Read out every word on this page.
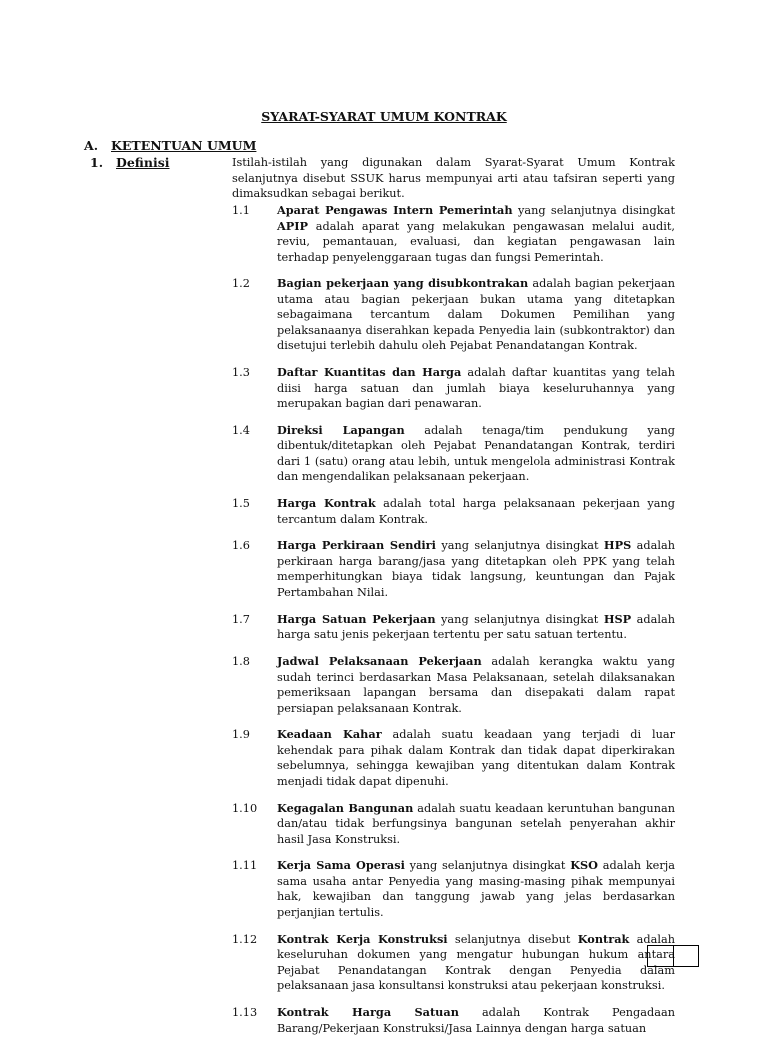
SYARAT-SYARAT UMUM KONTRAK
A. KETENTUAN UMUM
1. Definisi	Istilah-istilah yang digunakan dalam Syarat-Syarat Umum Kontrak selanjutnya disebut SSUK harus mempunyai arti atau tafsiran seperti yang dimaksudkan sebagai berikut.

1.1 Aparat Pengawas Intern Pemerintah yang selanjutnya disingkat APIP adalah aparat yang melakukan pengawasan melalui audit, reviu, pemantauan, evaluasi, dan kegiatan pengawasan lain terhadap penyelenggaraan tugas dan fungsi Pemerintah.

1.2 Bagian pekerjaan yang disubkontrakan adalah bagian pekerjaan utama atau bagian pekerjaan bukan utama yang ditetapkan sebagaimana tercantum dalam Dokumen Pemilihan yang pelaksanaanya diserahkan kepada Penyedia lain (subkontraktor) dan disetujui terlebih dahulu oleh Pejabat Penandatangan Kontrak.

1.3 Daftar Kuantitas dan Harga adalah daftar kuantitas yang telah diisi harga satuan dan jumlah biaya keseluruhannya yang merupakan bagian dari penawaran.

1.4 Direksi Lapangan adalah tenaga/tim pendukung yang dibentuk/ditetapkan oleh Pejabat Penandatangan Kontrak, terdiri dari 1 (satu) orang atau lebih, untuk mengelola administrasi Kontrak dan mengendalikan pelaksanaan pekerjaan.

1.5 Harga Kontrak adalah total harga pelaksanaan pekerjaan yang tercantum dalam Kontrak.

1.6 Harga Perkiraan Sendiri yang selanjutnya disingkat HPS adalah perkiraan harga barang/jasa yang ditetapkan oleh PPK yang telah memperhitungkan biaya tidak langsung, keuntungan dan Pajak Pertambahan Nilai.

1.7 Harga Satuan Pekerjaan yang selanjutnya disingkat HSP adalah harga satu jenis pekerjaan tertentu per satu satuan tertentu.

1.8 Jadwal Pelaksanaan Pekerjaan adalah kerangka waktu yang sudah terinci berdasarkan Masa Pelaksanaan, setelah dilaksanakan pemeriksaan lapangan bersama dan disepakati dalam rapat persiapan pelaksanaan Kontrak.

1.9 Keadaan Kahar adalah suatu keadaan yang terjadi di luar kehendak para pihak dalam Kontrak dan tidak dapat diperkirakan sebelumnya, sehingga kewajiban yang ditentukan dalam Kontrak menjadi tidak dapat dipenuhi.

1.10 Kegagalan Bangunan adalah suatu keadaan keruntuhan bangunan dan/atau tidak berfungsinya bangunan setelah penyerahan akhir hasil Jasa Konstruksi.

1.11 Kerja Sama Operasi yang selanjutnya disingkat KSO adalah kerja sama usaha antar Penyedia yang masing-masing pihak mempunyai hak, kewajiban dan tanggung jawab yang jelas berdasarkan perjanjian tertulis.

1.12 Kontrak Kerja Konstruksi selanjutnya disebut Kontrak adalah keseluruhan dokumen yang mengatur hubungan hukum antara Pejabat Penandatangan Kontrak dengan Penyedia dalam pelaksanaan jasa konsultansi konstruksi atau pekerjaan konstruksi.

1.13 Kontrak Harga Satuan adalah Kontrak Pengadaan Barang/Pekerjaan Konstruksi/Jasa Lainnya dengan harga satuan
